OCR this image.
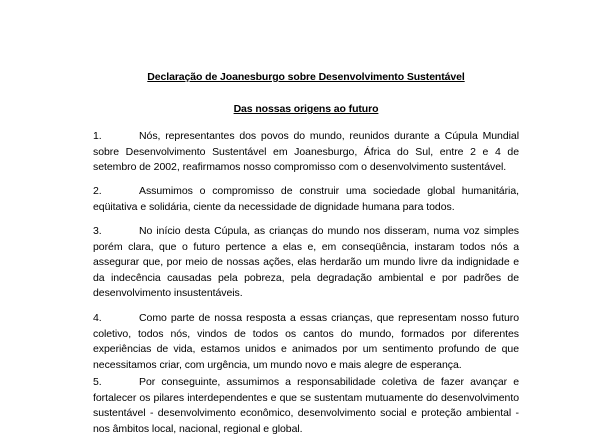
Declaração de Joanesburgo sobre Desenvolvimento Sustentável
Das nossas origens ao futuro
1.	Nós, representantes dos povos do mundo, reunidos durante a Cúpula Mundial sobre Desenvolvimento Sustentável em Joanesburgo, África do Sul, entre 2 e 4 de setembro de 2002, reafirmamos nosso compromisso com o desenvolvimento sustentável.
2.	Assumimos o compromisso de construir uma sociedade global humanitária, eqüitativa e solidária, ciente da necessidade de dignidade humana para todos.
3.	No início desta Cúpula, as crianças do mundo nos disseram, numa voz simples porém clara, que o futuro pertence a elas e, em conseqüência, instaram todos nós a assegurar que, por meio de nossas ações, elas herdarão um mundo livre da indignidade e da indecência causadas pela pobreza, pela degradação ambiental e por padrões de desenvolvimento insustentáveis.
4.	Como parte de nossa resposta a essas crianças, que representam nosso futuro coletivo, todos nós, vindos de todos os cantos do mundo, formados por diferentes experiências de vida, estamos unidos e animados por um sentimento profundo de que necessitamos criar, com urgência, um mundo novo e mais alegre de esperança.
5.	Por conseguinte, assumimos a responsabilidade coletiva de fazer avançar e fortalecer os pilares interdependentes e que se sustentam mutuamente do desenvolvimento sustentável - desenvolvimento econômico, desenvolvimento social e proteção ambiental - nos âmbitos local, nacional, regional e global.
